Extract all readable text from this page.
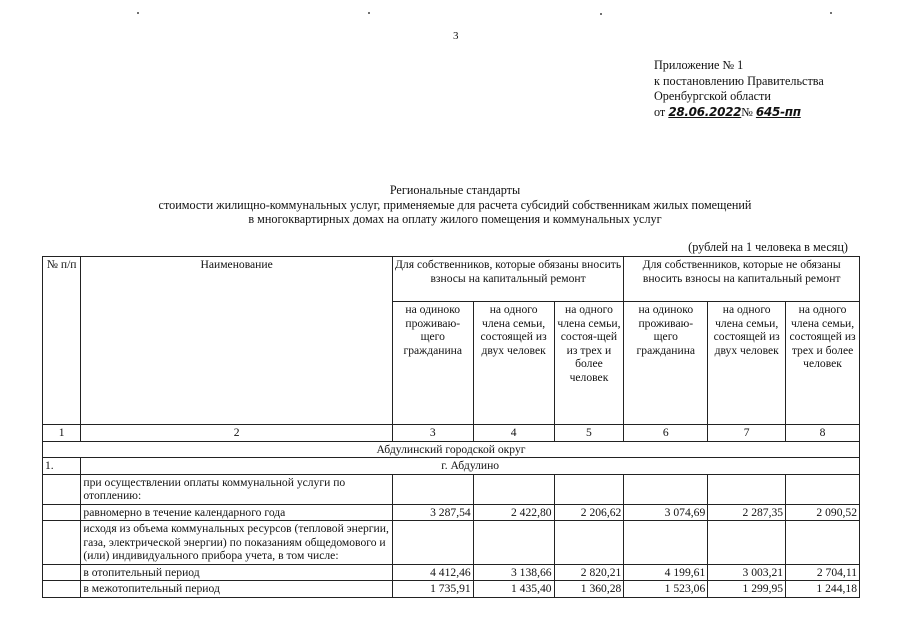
3
Приложение № 1
к постановлению Правительства
Оренбургской области
от 28.06.2022№ 645-пп
Региональные стандарты
стоимости жилищно-коммунальных услуг, применяемые для расчета субсидий собственникам жилых помещений
в многоквартирных домах на оплату жилого помещения и коммунальных услуг
(рублей на 1 человека в месяц)
№ п/п	Наименование	Для собственников, которые обязаны вносить взносы на капитальный ремонт			Для собственников, которые не обязаны вносить взносы на капитальный ремонт		
		на одиноко проживаю-щего гражданина	на одного члена семьи, состоящей из двух человек	на одного члена семьи, состоя-щей из трех и более человек	на одиноко проживаю-щего гражданина	на одного члена семьи, состоящей из двух человек	на одного члена семьи, состоящей из трех и более человек
1	2	3	4	5	6	7	8
Абдулинский городской округ							
1.	г. Абдулино						
	при осуществлении оплаты коммунальной услуги по отоплению:						
	равномерно в течение календарного года	3 287,54	2 422,80	2 206,62	3 074,69	2 287,35	2 090,52
	исходя из объема коммунальных ресурсов (тепловой энергии, газа, электрической энергии) по показаниям общедомового и (или) индивидуального прибора учета, в том числе:						
	в отопительный период	4 412,46	3 138,66	2 820,21	4 199,61	3 003,21	2 704,11
	в межотопительный период	1 735,91	1 435,40	1 360,28	1 523,06	1 299,95	1 244,18
